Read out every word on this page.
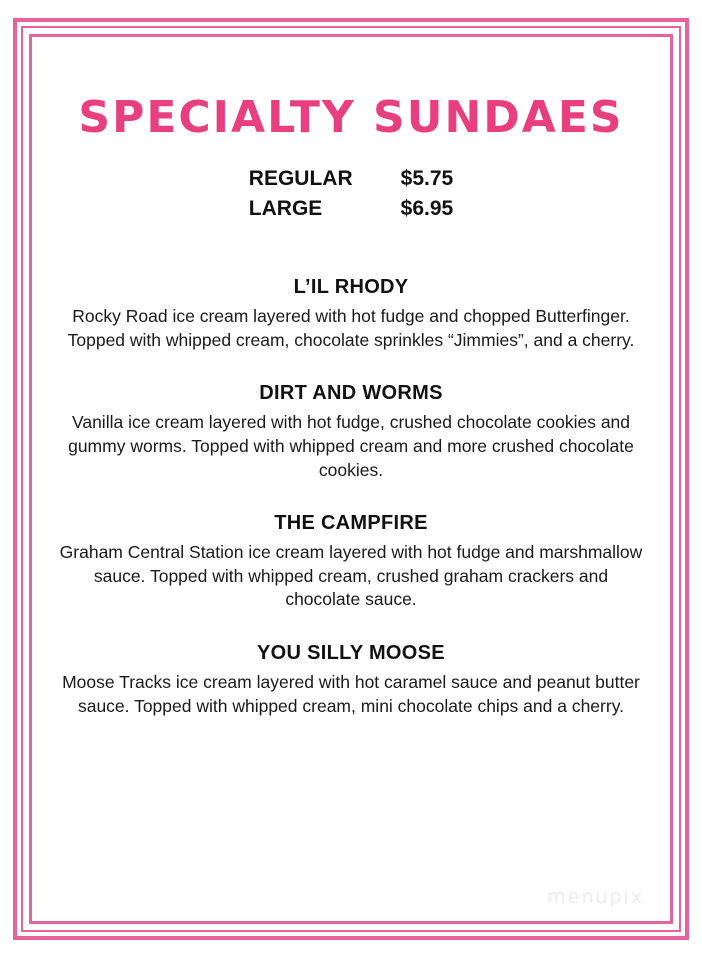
SPECIALTY SUNDAES
REGULAR	$5.75
LARGE	$6.95
L’IL RHODY
Rocky Road ice cream layered with hot fudge and chopped Butterfinger. Topped with whipped cream, chocolate sprinkles “Jimmies”, and a cherry.
DIRT AND WORMS
Vanilla ice cream layered with hot fudge, crushed chocolate cookies and gummy worms. Topped with whipped cream and more crushed chocolate cookies.
THE CAMPFIRE
Graham Central Station ice cream layered with hot fudge and marshmallow sauce. Topped with whipped cream, crushed graham crackers and chocolate sauce.
YOU SILLY MOOSE
Moose Tracks ice cream layered with hot caramel sauce and peanut butter sauce. Topped with whipped cream, mini chocolate chips and a cherry.
menupix
